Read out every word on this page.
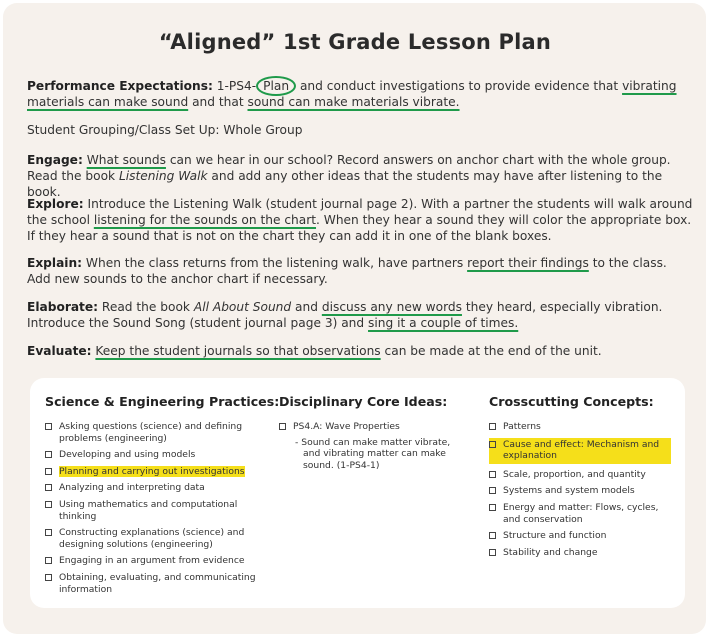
“Aligned” 1st Grade Lesson Plan
Performance Expectations: 1-PS4- Plan and conduct investigations to provide evidence that vibrating materials can make sound and that sound can make materials vibrate.
Student Grouping/Class Set Up: Whole Group
Engage: What sounds can we hear in our school? Record answers on anchor chart with the whole group. Read the book Listening Walk and add any other ideas that the students may have after listening to the book.
Explore: Introduce the Listening Walk (student journal page 2). With a partner the students will walk around the school listening for the sounds on the chart. When they hear a sound they will color the appropriate box. If they hear a sound that is not on the chart they can add it in one of the blank boxes.
Explain: When the class returns from the listening walk, have partners report their findings to the class. Add new sounds to the anchor chart if necessary.
Elaborate: Read the book All About Sound and discuss any new words they heard, especially vibration. Introduce the Sound Song (student journal page 3) and sing it a couple of times.
Evaluate: Keep the student journals so that observations can be made at the end of the unit.
Science & Engineering Practices:
Asking questions (science) and defining problems (engineering)
Developing and using models
Planning and carrying out investigations
Analyzing and interpreting data
Using mathematics and computational thinking
Constructing explanations (science) and designing solutions (engineering)
Engaging in an argument from evidence
Obtaining, evaluating, and communicating information
Disciplinary Core Ideas:
PS4.A: Wave Properties
- Sound can make matter vibrate, and vibrating matter can make sound. (1-PS4-1)
Crosscutting Concepts:
Patterns
Cause and effect: Mechanism and explanation
Scale, proportion, and quantity
Systems and system models
Energy and matter: Flows, cycles, and conservation
Structure and function
Stability and change
